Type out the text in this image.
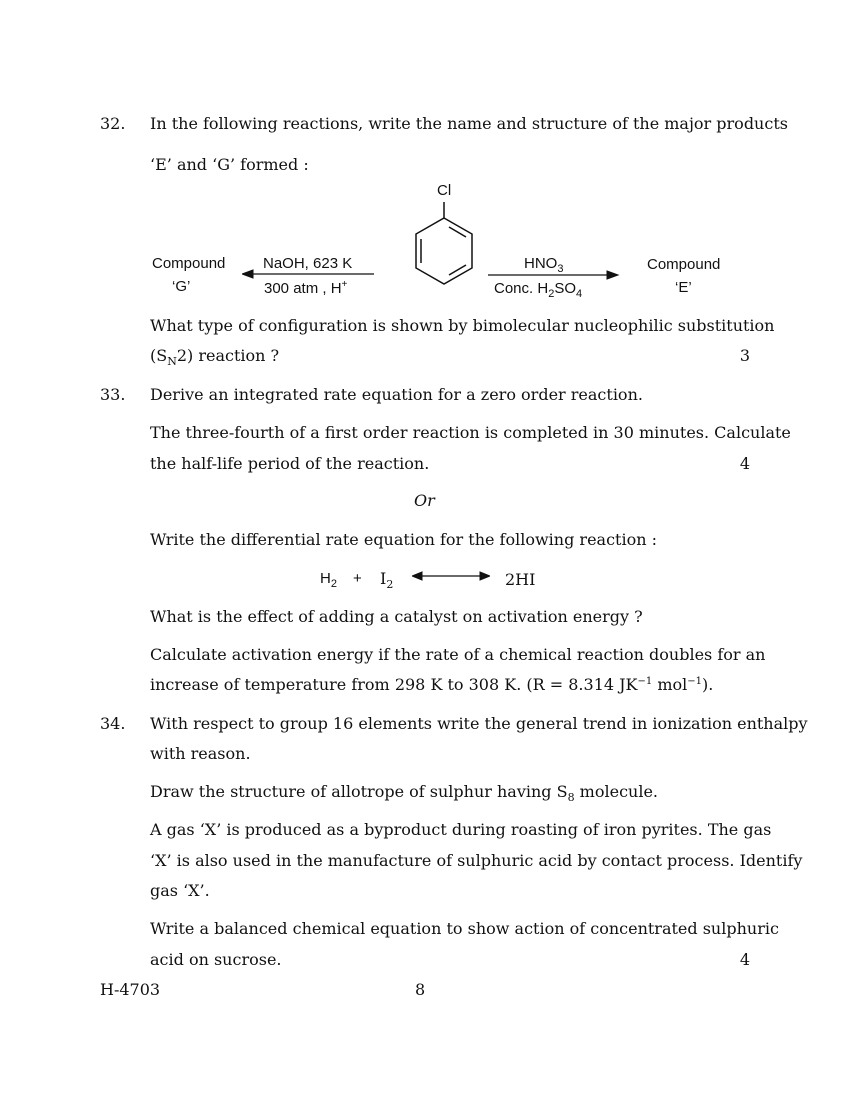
32. In the following reactions, write the name and structure of the major products
‘E’ and ‘G’ formed :
Cl
Compound
‘G’
NaOH, 623 K
300 atm , H+
$HNO_3$
Conc. $H_2SO_4$
Compound
‘E’
What type of configuration is shown by bimolecular nucleophilic substitution
$(S_N2)$ reaction ?	3
33. Derive an integrated rate equation for a zero order reaction.
The three-fourth of a first order reaction is completed in 30 minutes. Calculate
the half-life period of the reaction.	4
Or
Write the differential rate equation for the following reaction :
$H_2 + I_2$	2HI
What is the effect of adding a catalyst on activation energy ?
Calculate activation energy if the rate of a chemical reaction doubles for an
increase of temperature from 298 K to 308 K. (R = 8.314 $JK^{-1}$ mol$^{-1}$).
34. With respect to group 16 elements write the general trend in ionization enthalpy
with reason.
Draw the structure of allotrope of sulphur having $S_8$ molecule.
A gas ‘X’ is produced as a byproduct during roasting of iron pyrites. The gas
‘X’ is also used in the manufacture of sulphuric acid by contact process. Identify
gas ‘X’.
Write a balanced chemical equation to show action of concentrated sulphuric
acid on sucrose.	4
H-4703	8
